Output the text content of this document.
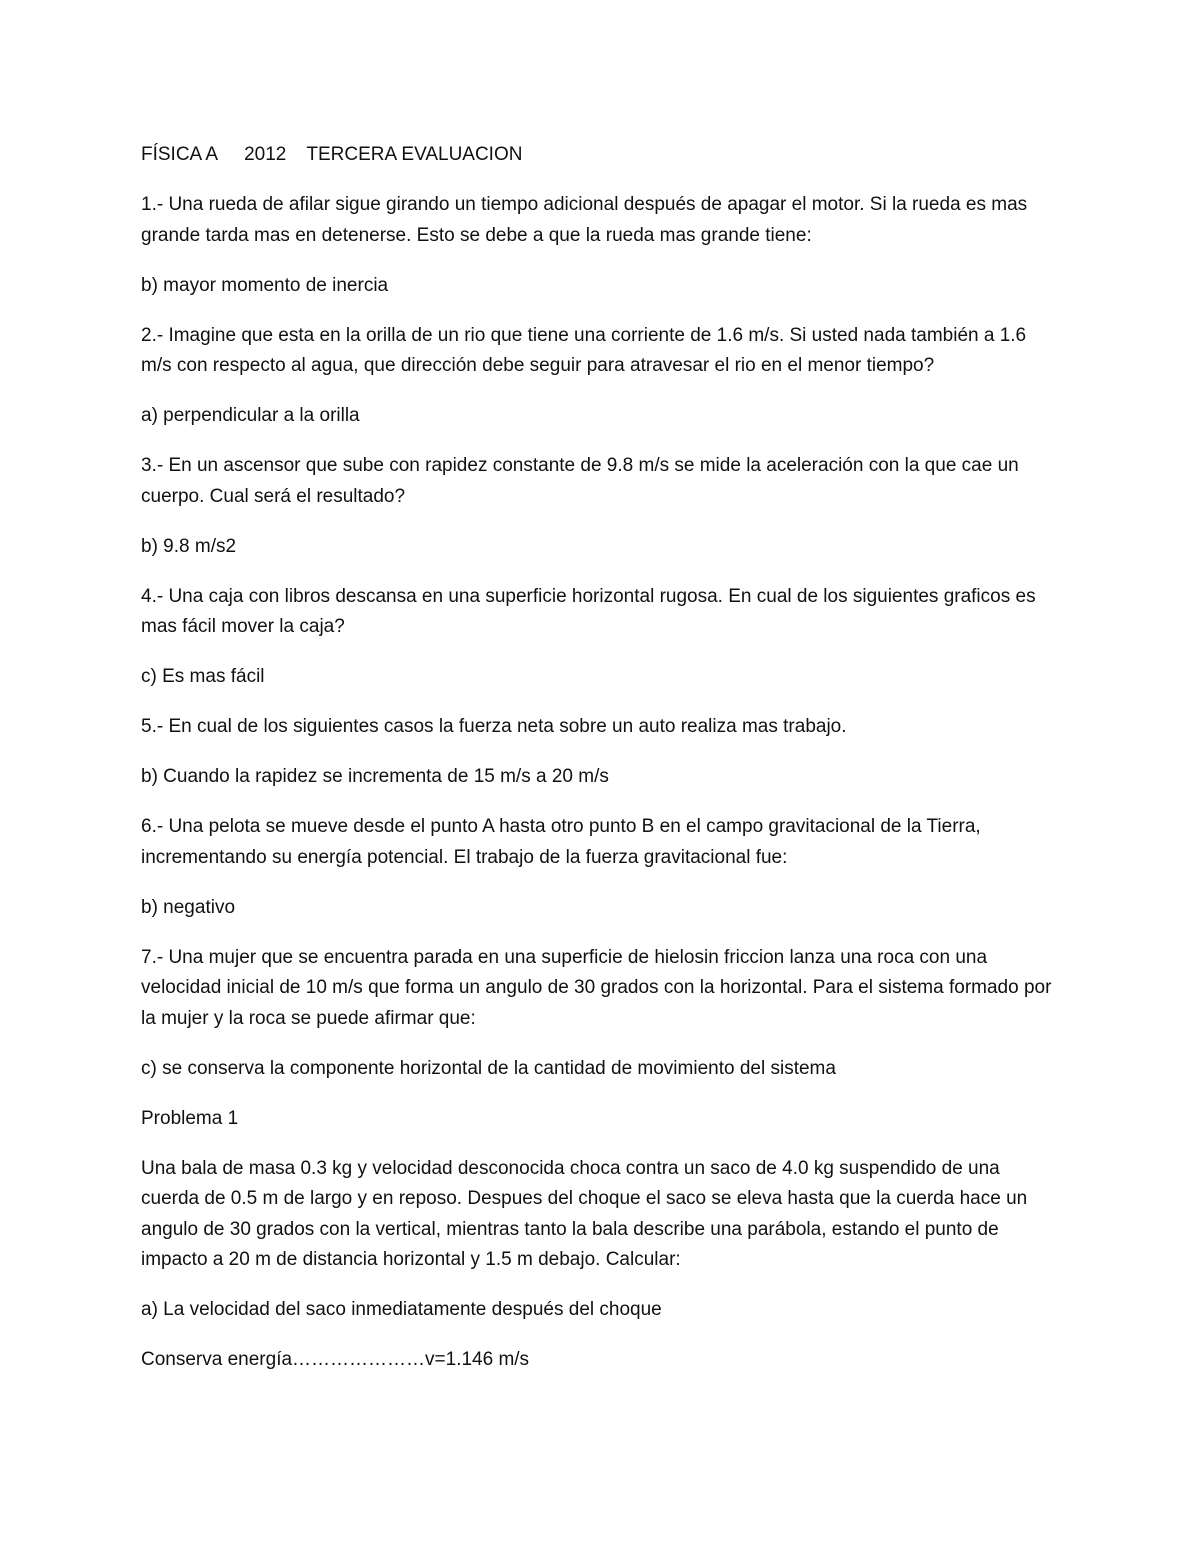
FÍSICA A 2012 TERCERA EVALUACION

1.- Una rueda de afilar sigue girando un tiempo adicional después de apagar el motor. Si la rueda es mas grande tarda mas en detenerse. Esto se debe a que la rueda mas grande tiene:

b) mayor momento de inercia

2.- Imagine que esta en la orilla de un rio que tiene una corriente de 1.6 m/s. Si usted nada también a 1.6 m/s con respecto al agua, que dirección debe seguir para atravesar el rio en el menor tiempo?

a) perpendicular a la orilla

3.- En un ascensor que sube con rapidez constante de 9.8 m/s se mide la aceleración con la que cae un cuerpo. Cual será el resultado?

b) 9.8 m/s2

4.- Una caja con libros descansa en una superficie horizontal rugosa. En cual de los siguientes graficos es mas fácil mover la caja?

c) Es mas fácil

5.- En cual de los siguientes casos la fuerza neta sobre un auto realiza mas trabajo.

b) Cuando la rapidez se incrementa de 15 m/s a 20 m/s

6.- Una pelota se mueve desde el punto A hasta otro punto B en el campo gravitacional de la Tierra, incrementando su energía potencial. El trabajo de la fuerza gravitacional fue:

b) negativo

7.- Una mujer que se encuentra parada en una superficie de hielosin friccion lanza una roca con una velocidad inicial de 10 m/s que forma un angulo de 30 grados con la horizontal. Para el sistema formado por la mujer y la roca se puede afirmar que:

c) se conserva la componente horizontal de la cantidad de movimiento del sistema

Problema 1

Una bala de masa 0.3 kg y velocidad desconocida choca contra un saco de 4.0 kg suspendido de una cuerda de 0.5 m de largo y en reposo. Despues del choque el saco se eleva hasta que la cuerda hace un angulo de 30 grados con la vertical, mientras tanto la bala describe una parábola, estando el punto de impacto a 20 m de distancia horizontal y 1.5 m debajo. Calcular:

a) La velocidad del saco inmediatamente después del choque

Conserva energía…………………v=1.146 m/s
